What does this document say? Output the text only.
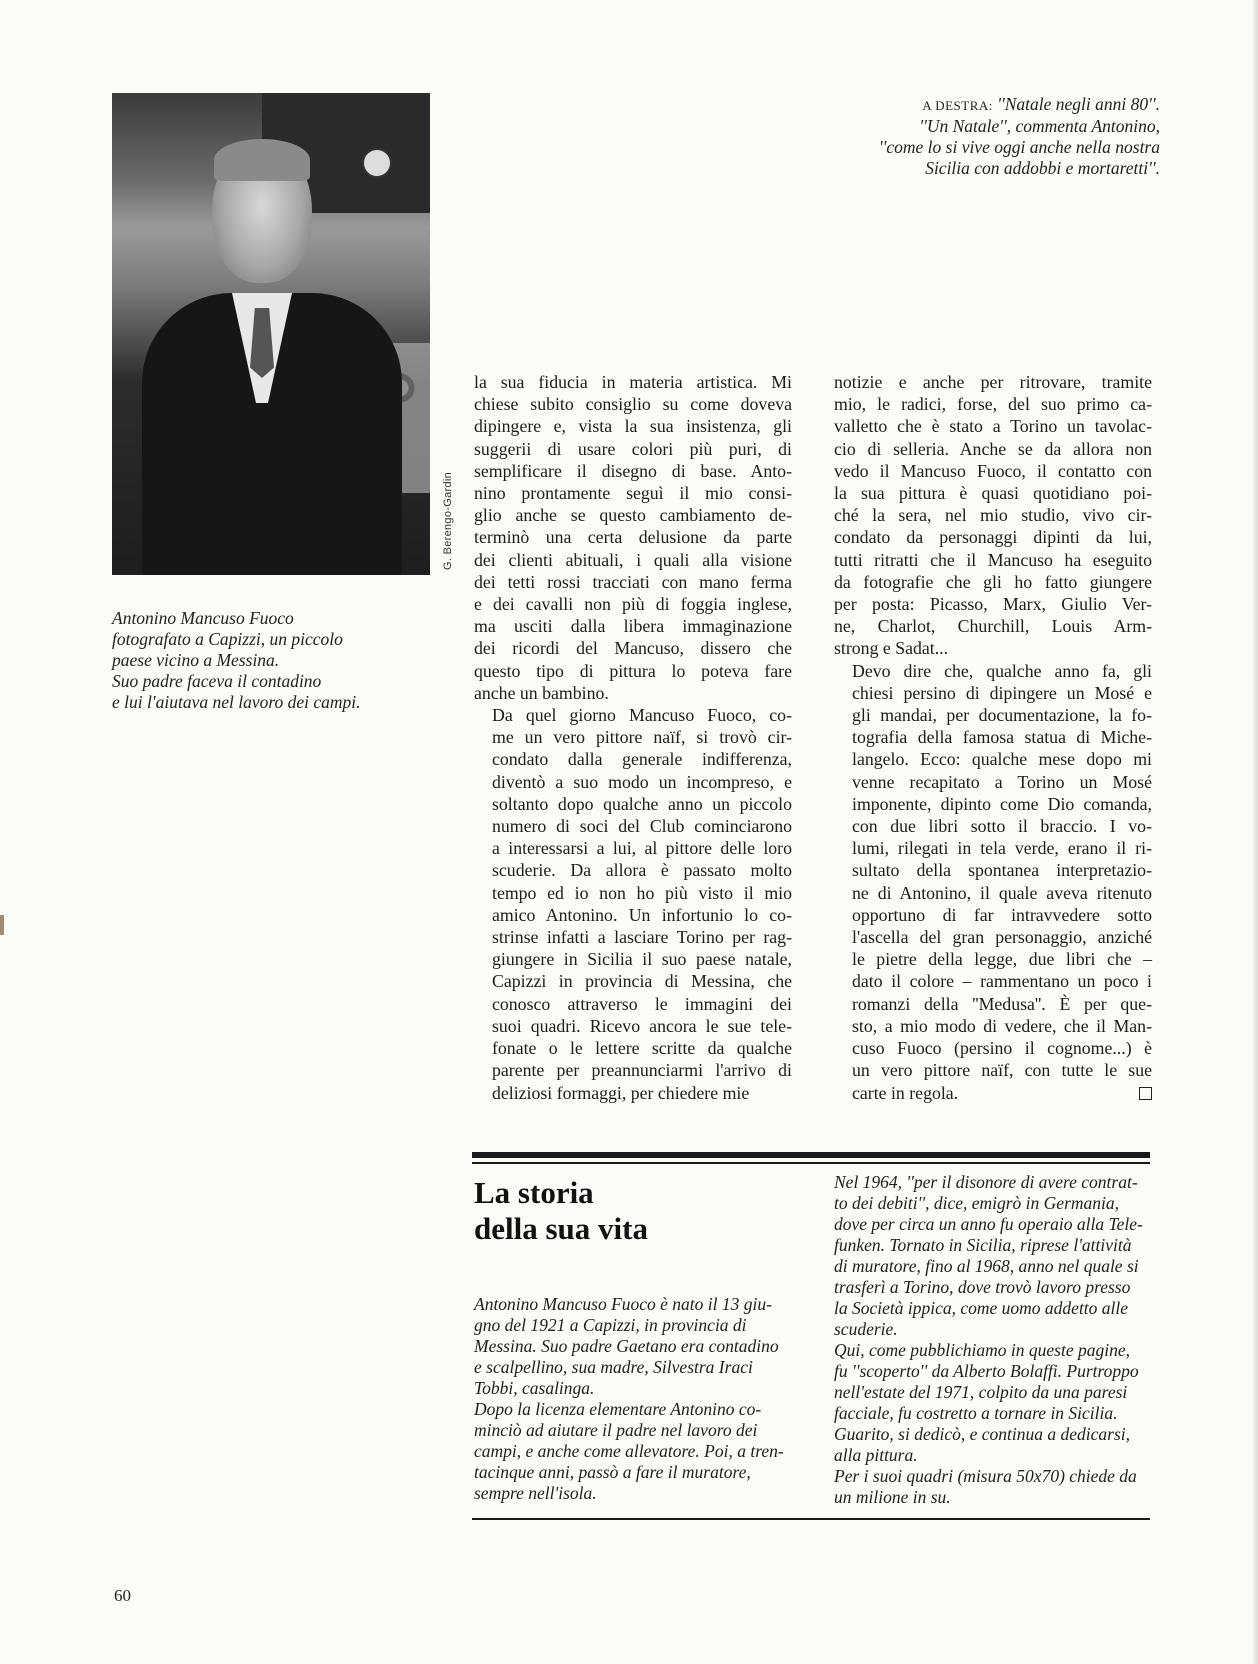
G. Berengo-Gardin
Antonino Mancuso Fuoco
fotografato a Capizzi, un piccolo
paese vicino a Messina.
Suo padre faceva il contadino
e lui l'aiutava nel lavoro dei campi.
A DESTRA: ''Natale negli anni 80''.
''Un Natale'', commenta Antonino,
''come lo si vive oggi anche nella nostra
Sicilia con addobbi e mortaretti''.

la sua fiducia in materia artistica. Mi
chiese subito consiglio su come doveva
dipingere e, vista la sua insistenza, gli
suggerii di usare colori più puri, di
semplificare il disegno di base. Anto-
nino prontamente seguì il mio consi-
glio anche se questo cambiamento de-
terminò una certa delusione da parte
dei clienti abituali, i quali alla visione
dei tetti rossi tracciati con mano ferma
e dei cavalli non più di foggia inglese,
ma usciti dalla libera immaginazione
dei ricordi del Mancuso, dissero che
questo tipo di pittura lo poteva fare
anche un bambino.

Da quel giorno Mancuso Fuoco, co-
me un vero pittore naïf, si trovò cir-
condato dalla generale indifferenza,
diventò a suo modo un incompreso, e
soltanto dopo qualche anno un piccolo
numero di soci del Club cominciarono
a interessarsi a lui, al pittore delle loro
scuderie. Da allora è passato molto
tempo ed io non ho più visto il mio
amico Antonino. Un infortunio lo co-
strinse infatti a lasciare Torino per rag-
giungere in Sicilia il suo paese natale,
Capizzi in provincia di Messina, che
conosco attraverso le immagini dei
suoi quadri. Ricevo ancora le sue tele-
fonate o le lettere scritte da qualche
parente per preannunciarmi l'arrivo di
deliziosi formaggi, per chiedere mie

notizie e anche per ritrovare, tramite
mio, le radici, forse, del suo primo ca-
valletto che è stato a Torino un tavolac-
cio di selleria. Anche se da allora non
vedo il Mancuso Fuoco, il contatto con
la sua pittura è quasi quotidiano poi-
ché la sera, nel mio studio, vivo cir-
condato da personaggi dipinti da lui,
tutti ritratti che il Mancuso ha eseguito
da fotografie che gli ho fatto giungere
per posta: Picasso, Marx, Giulio Ver-
ne, Charlot, Churchill, Louis Arm-
strong e Sadat...

Devo dire che, qualche anno fa, gli
chiesi persino di dipingere un Mosé e
gli mandai, per documentazione, la fo-
tografia della famosa statua di Miche-
langelo. Ecco: qualche mese dopo mi
venne recapitato a Torino un Mosé
imponente, dipinto come Dio comanda,
con due libri sotto il braccio. I vo-
lumi, rilegati in tela verde, erano il ri-
sultato della spontanea interpretazio-
ne di Antonino, il quale aveva ritenuto
opportuno di far intravvedere sotto
l'ascella del gran personaggio, anziché
le pietre della legge, due libri che –
dato il colore – rammentano un poco i
romanzi della ''Medusa''. È per que-
sto, a mio modo di vedere, che il Man-
cuso Fuoco (persino il cognome...) è
un vero pittore naïf, con tutte le sue
carte in regola.

La storia
della sua vita
Antonino Mancuso Fuoco è nato il 13 giu-
gno del 1921 a Capizzi, in provincia di
Messina. Suo padre Gaetano era contadino
e scalpellino, sua madre, Silvestra Iraci
Tobbi, casalinga.
Dopo la licenza elementare Antonino co-
minciò ad aiutare il padre nel lavoro dei
campi, e anche come allevatore. Poi, a tren-
tacinque anni, passò a fare il muratore,
sempre nell'isola.
Nel 1964, ''per il disonore di avere contrat-
to dei debiti'', dice, emigrò in Germania,
dove per circa un anno fu operaio alla Tele-
funken. Tornato in Sicilia, riprese l'attività
di muratore, fino al 1968, anno nel quale si
trasferì a Torino, dove trovò lavoro presso
la Società ippica, come uomo addetto alle
scuderie.
Qui, come pubblichiamo in queste pagine,
fu ''scoperto'' da Alberto Bolaffi. Purtroppo
nell'estate del 1971, colpito da una paresi
facciale, fu costretto a tornare in Sicilia.
Guarito, si dedicò, e continua a dedicarsi,
alla pittura.
Per i suoi quadri (misura 50x70) chiede da
un milione in su.
60
